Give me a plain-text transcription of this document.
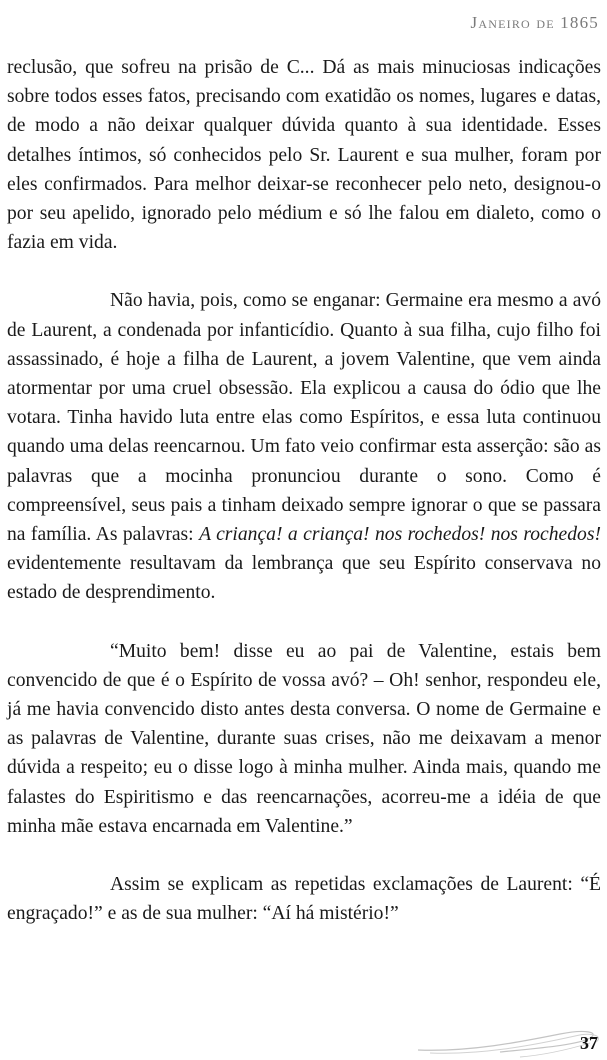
Janeiro de 1865

reclusão, que sofreu na prisão de C... Dá as mais minuciosas indicações sobre todos esses fatos, precisando com exatidão os nomes, lugares e datas, de modo a não deixar qualquer dúvida quanto à sua identidade. Esses detalhes íntimos, só conhecidos pelo Sr. Laurent e sua mulher, foram por eles confirmados. Para melhor deixar-se reconhecer pelo neto, designou-o por seu apelido, ignorado pelo médium e só lhe falou em dialeto, como o fazia em vida.

Não havia, pois, como se enganar: Germaine era mesmo a avó de Laurent, a condenada por infanticídio. Quanto à sua filha, cujo filho foi assassinado, é hoje a filha de Laurent, a jovem Valentine, que vem ainda atormentar por uma cruel obsessão. Ela explicou a causa do ódio que lhe votara. Tinha havido luta entre elas como Espíritos, e essa luta continuou quando uma delas reencarnou. Um fato veio confirmar esta asserção: são as palavras que a mocinha pronunciou durante o sono. Como é compreensível, seus pais a tinham deixado sempre ignorar o que se passara na família. As palavras: A criança! a criança! nos rochedos! nos rochedos! evidentemente resultavam da lembrança que seu Espírito conservava no estado de desprendimento.

“Muito bem! disse eu ao pai de Valentine, estais bem convencido de que é o Espírito de vossa avó? – Oh! senhor, respondeu ele, já me havia convencido disto antes desta conversa. O nome de Germaine e as palavras de Valentine, durante suas crises, não me deixavam a menor dúvida a respeito; eu o disse logo à minha mulher. Ainda mais, quando me falastes do Espiritismo e das reencarnações, acorreu-me a idéia de que minha mãe estava encarnada em Valentine.”

Assim se explicam as repetidas exclamações de Laurent: “É engraçado!” e as de sua mulher: “Aí há mistério!”

37
